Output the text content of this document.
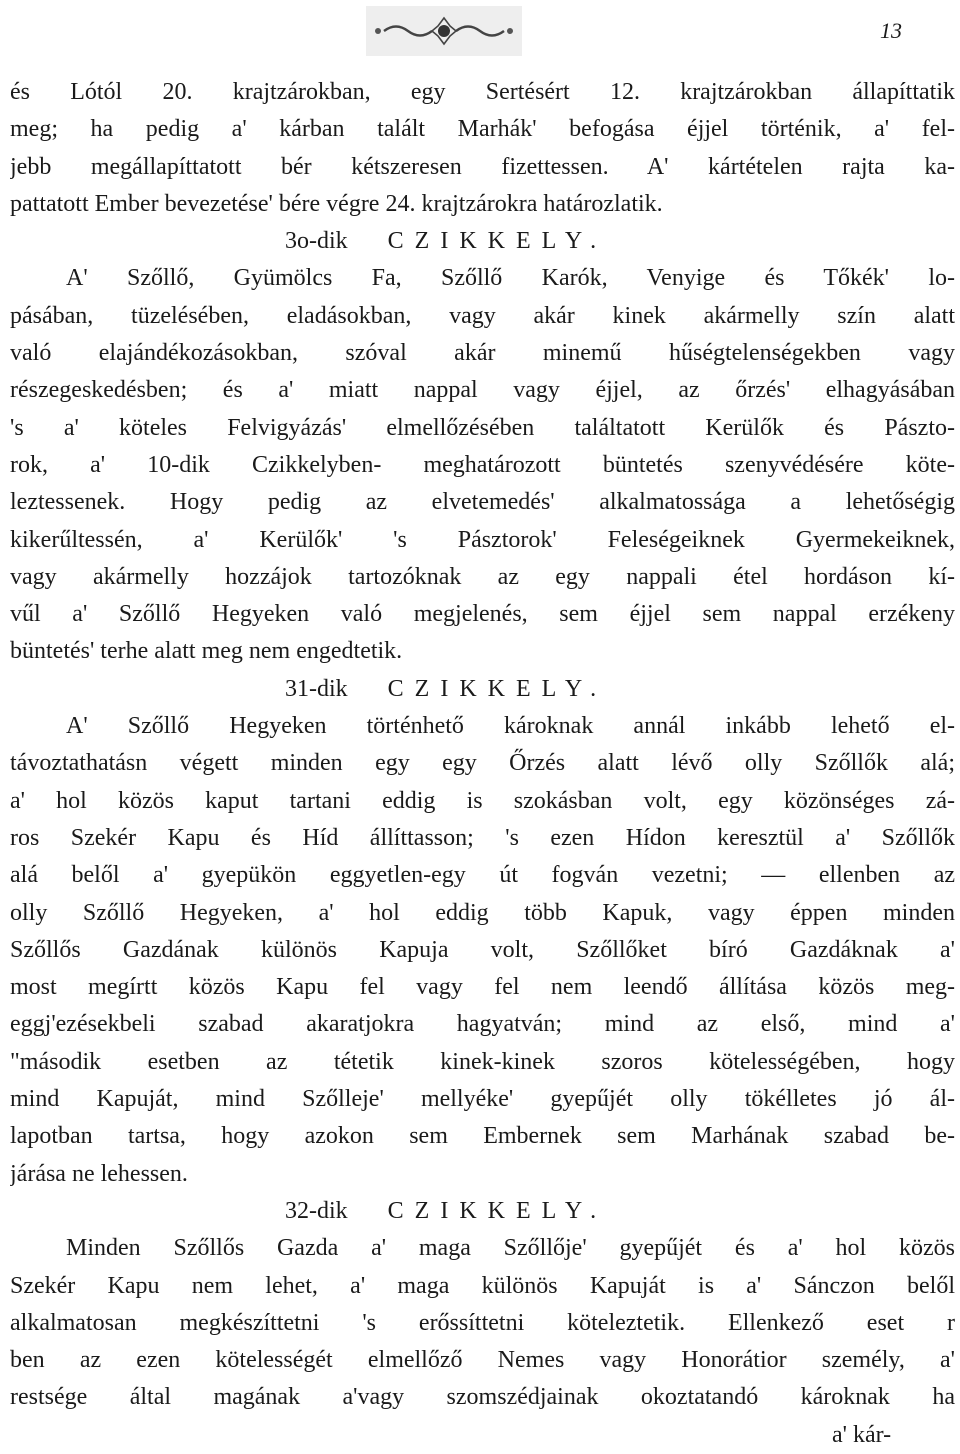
13
és Lótól 20. krajtzárokban, egy Sertésért 12. krajtzárokban állapíttatik
meg; ha pedig a' kárban talált Marhák' befogása éjjel történik, a' fel-
jebb megállapíttatott bér kétszeresen fizettessen. A' kártételen rajta ka-
pattatott Ember bevezetése' bére végre 24. krajtzárokra határozlatik.
3o-dik CZIKKELY.
A' Szőllő, Gyümölcs Fa, Szőllő Karók, Venyige és Tőkék' lo-
pásában, tüzelésében, eladásokban, vagy akár kinek akármelly szín alatt
való elajándékozásokban, szóval akár minemű hűségtelenségekben vagy
részegeskedésben; és a' miatt nappal vagy éjjel, az őrzés' elhagyásában
's a' köteles Felvigyázás' elmellőzésében találtatott Kerülők és Pászto-
rok, a' 10-dik Czikkelyben- meghatározott büntetés szenyvédésére köte-
leztessenek. Hogy pedig az elvetemedés' alkalmatossága a lehetőségig
kikerűltessén, a' Kerülők' 's Pásztorok' Feleségeiknek Gyermekeiknek,
vagy akármelly hozzájok tartozóknak az egy nappali étel hordáson kí-
vűl a' Szőllő Hegyeken való megjelenés, sem éjjel sem nappal erzékeny
büntetés' terhe alatt meg nem engedtetik.
31-dik CZIKKELY.
A' Szőllő Hegyeken történhető károknak annál inkább lehető el-
távoztathatásn végett minden egy egy Őrzés alatt lévő olly Szőllők alá;
a' hol közös kaput tartani eddig is szokásban volt, egy közönséges zá-
ros Szekér Kapu és Híd állíttasson; 's ezen Hídon keresztül a' Szőllők
alá belől a' gyepükön eggyetlen-egy út fogván vezetni; — ellenben az
olly Szőllő Hegyeken, a' hol eddig több Kapuk, vagy éppen minden
Szőllős Gazdának különös Kapuja volt, Szőllőket bíró Gazdáknak a'
most megírtt közös Kapu fel vagy fel nem leendő állítása közös meg-
eggj'ezésekbeli szabad akaratjokra hagyatván; mind az első, mind a'
"második esetben az tétetik kinek-kinek szoros kötelességében, hogy
mind Kapuját, mind Szőlleje' mellyéke' gyepűjét olly tökélletes jó ál-
lapotban tartsa, hogy azokon sem Embernek sem Marhának szabad be-
járása ne lehessen.
32-dik CZIKKELY.
Minden Szőllős Gazda a' maga Szőllője' gyepűjét és a' hol közös
Szekér Kapu nem lehet, a' maga különös Kapuját is a' Sánczon belől
alkalmatosan megkészíttetni 's erőssíttetni köteleztetik. Ellenkező eset r
ben az ezen kötelességét elmellőző Nemes vagy Honorátior személy, a'
restsége által magának a'vagy szomszédjainak okoztatandó károknak ha
a' kár-
